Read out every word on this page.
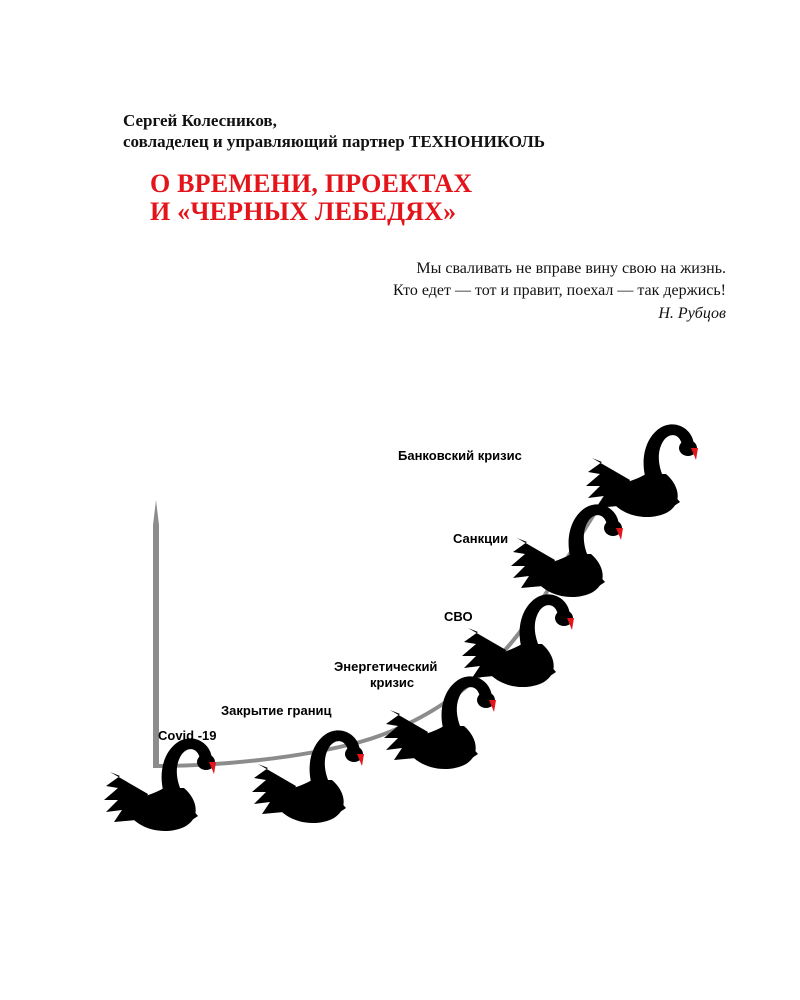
Сергей Колесников,
совладелец и управляющий партнер ТЕХНОНИКОЛЬ
О ВРЕМЕНИ, ПРОЕКТАХ
И «ЧЕРНЫХ ЛЕБЕДЯХ»
Мы сваливать не вправе вину свою на жизнь.
Кто едет — тот и правит, поехал — так держись!
Н. Рубцов
Covid -19
Закрытие границ
Энергетический
кризис
СВО
Санкции
Банковский кризис
